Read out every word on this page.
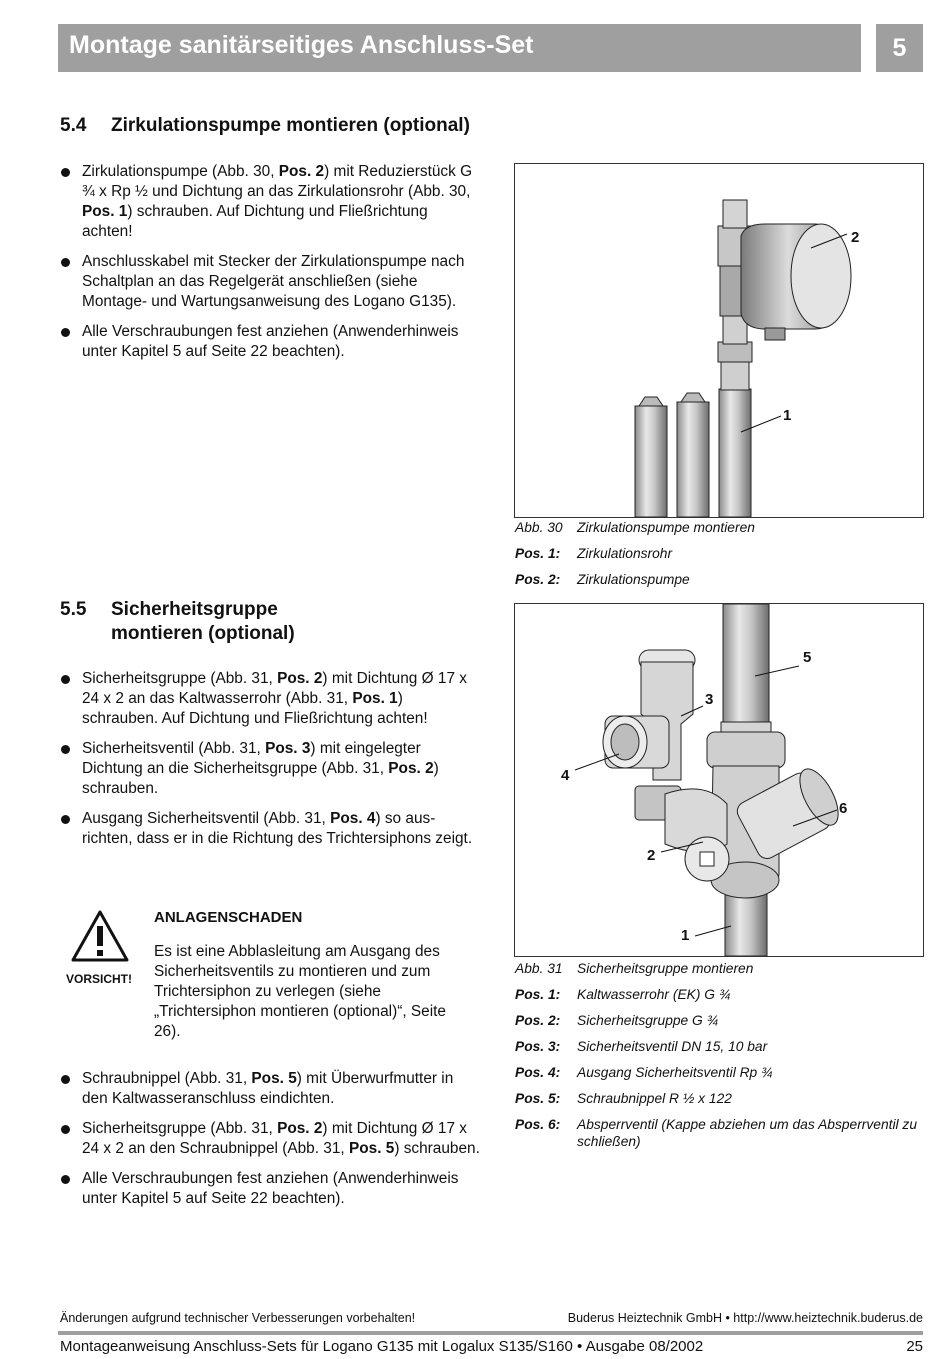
Montage sanitärseitiges Anschluss-Set	5
5.4 Zirkulationspumpe montieren (optional)
Zirkulationspumpe (Abb. 30, Pos. 2) mit Reduzierstück G ¾ x Rp ½ und Dichtung an das Zirkulationsrohr (Abb. 30, Pos. 1) schrauben. Auf Dichtung und Fließrichtung achten!
Anschlusskabel mit Stecker der Zirkulationspumpe nach Schaltplan an das Regelgerät anschließen (siehe Montage- und Wartungsanweisung des Logano G135).
Alle Verschraubungen fest anziehen (Anwenderhinweis unter Kapitel 5 auf Seite 22 beachten).
2
1
Abb. 30	Zirkulationspumpe montieren
Pos. 1:	Zirkulationsrohr
Pos. 2:	Zirkulationspumpe
5.5 Sicherheitsgruppe montieren (optional)
Sicherheitsgruppe (Abb. 31, Pos. 2) mit Dichtung Ø 17 x 24 x 2 an das Kaltwasserrohr (Abb. 31, Pos. 1) schrauben. Auf Dichtung und Fließrichtung achten!
Sicherheitsventil (Abb. 31, Pos. 3) mit eingelegter Dichtung an die Sicherheitsgruppe (Abb. 31, Pos. 2) schrauben.
Ausgang Sicherheitsventil (Abb. 31, Pos. 4) so ausrichten, dass er in die Richtung des Trichtersiphons zeigt.
VORSICHT!
ANLAGENSCHADEN
Es ist eine Abblasleitung am Ausgang des Sicherheitsventils zu montieren und zum Trichtersiphon zu verlegen (siehe „Trichtersiphon montieren (optional)“, Seite 26).
Schraubnippel (Abb. 31, Pos. 5) mit Überwurfmutter in den Kaltwasseranschluss eindichten.
Sicherheitsgruppe (Abb. 31, Pos. 2) mit Dichtung Ø 17 x 24 x 2 an den Schraubnippel (Abb. 31, Pos. 5) schrauben.
Alle Verschraubungen fest anziehen (Anwenderhinweis unter Kapitel 5 auf Seite 22 beachten).
5
3
4
6
2
1
Abb. 31	Sicherheitsgruppe montieren
Pos. 1:	Kaltwasserrohr (EK) G ¾
Pos. 2:	Sicherheitsgruppe G ¾
Pos. 3:	Sicherheitsventil DN 15, 10 bar
Pos. 4:	Ausgang Sicherheitsventil Rp ¾
Pos. 5:	Schraubnippel R ½ x 122
Pos. 6:	Absperrventil (Kappe abziehen um das Absperrventil zu schließen)
Änderungen aufgrund technischer Verbesserungen vorbehalten!	Buderus Heiztechnik GmbH • http://www.heiztechnik.buderus.de
Montageanweisung Anschluss-Sets für Logano G135 mit Logalux S135/S160 • Ausgabe 08/2002	25
